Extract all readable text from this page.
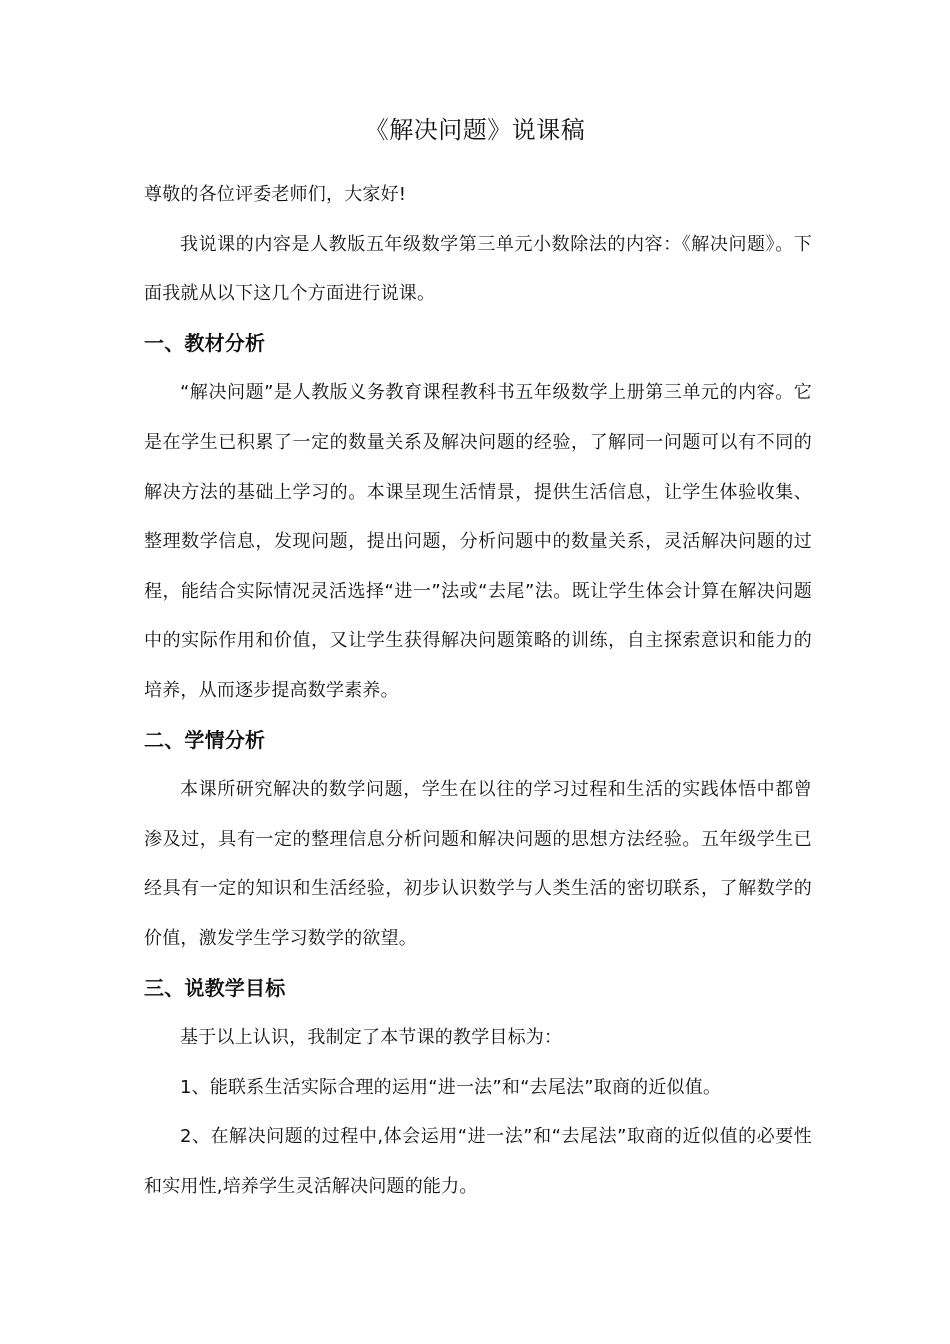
《解决问题》说课稿

尊敬的各位评委老师们，大家好!

我说课的内容是人教版五年级数学第三单元小数除法的内容：《解决问题》。下面我就从以下这几个方面进行说课。

一、教材分析

“解决问题”是人教版义务教育课程教科书五年级数学上册第三单元的内容。它是在学生已积累了一定的数量关系及解决问题的经验，了解同一问题可以有不同的解决方法的基础上学习的。本课呈现生活情景，提供生活信息，让学生体验收集、整理数学信息，发现问题，提出问题，分析问题中的数量关系，灵活解决问题的过程，能结合实际情况灵活选择“进一”法或“去尾”法。既让学生体会计算在解决问题中的实际作用和价值，又让学生获得解决问题策略的训练，自主探索意识和能力的培养，从而逐步提高数学素养。

二、学情分析

本课所研究解决的数学问题，学生在以往的学习过程和生活的实践体悟中都曾渗及过，具有一定的整理信息分析问题和解决问题的思想方法经验。五年级学生已经具有一定的知识和生活经验，初步认识数学与人类生活的密切联系，了解数学的价值，激发学生学习数学的欲望。

三、说教学目标

基于以上认识，我制定了本节课的教学目标为：

1、能联系生活实际合理的运用“进一法”和“去尾法”取商的近似值。

2、在解决问题的过程中,体会运用“进一法”和“去尾法”取商的近似值的必要性和实用性,培养学生灵活解决问题的能力。
